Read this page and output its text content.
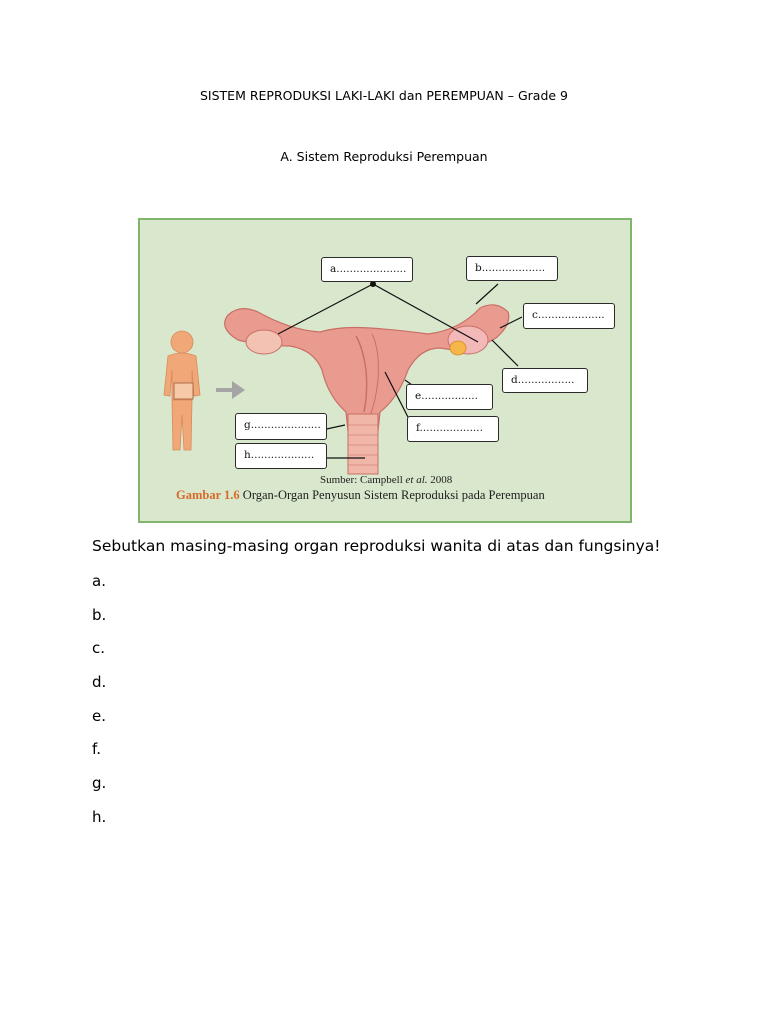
SISTEM REPRODUKSI LAKI-LAKI dan PEREMPUAN – Grade 9
A. Sistem Reproduksi Perempuan
a.....................	b...................
c....................
d.................
e.................
f...................
g.....................
h...................
Sumber: Campbell et al. 2008
Gambar 1.6 Organ-Organ Penyusun Sistem Reproduksi pada Perempuan
Sebutkan masing-masing organ reproduksi wanita di atas dan fungsinya!
a.
b.
c.
d.
e.
f.
g.
h.
